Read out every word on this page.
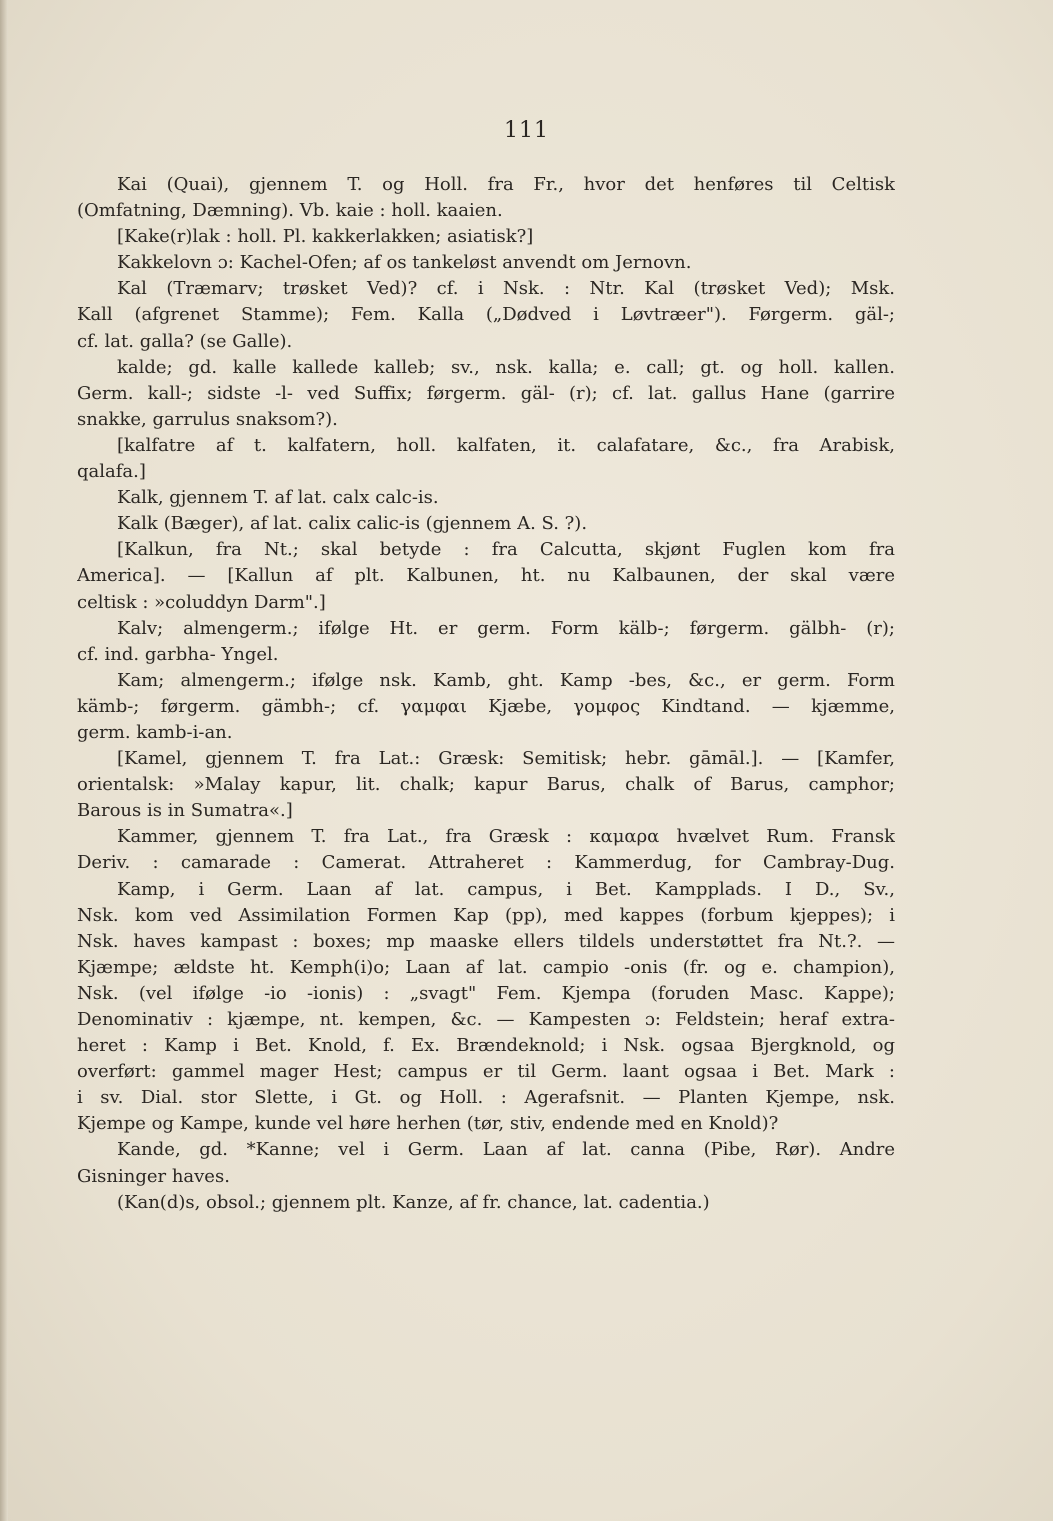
111
Kai (Quai), gjennem T. og Holl. fra Fr., hvor det henføres til Celtisk
(Omfatning, Dæmning). Vb. kaie : holl. kaaien.
[Kake(r)lak : holl. Pl. kakkerlakken; asiatisk?]
Kakkelovn ɔ: Kachel-Ofen; af os tankeløst anvendt om Jernovn.
Kal (Træmarv; trøsket Ved)? cf. i Nsk. : Ntr. Kal (trøsket Ved); Msk.
Kall (afgrenet Stamme); Fem. Kalla („Dødved i Løvtræer"). Førgerm. gäl-;
cf. lat. galla? (se Galle).
kalde; gd. kalle kallede kalleb; sv., nsk. kalla; e. call; gt. og holl. kallen.
Germ. kall-; sidste -l- ved Suffix; førgerm. gäl- (r); cf. lat. gallus Hane (garrire
snakke, garrulus snaksom?).
[kalfatre af t. kalfatern, holl. kalfaten, it. calafatare, &c., fra Arabisk,
qalafa.]
Kalk, gjennem T. af lat. calx calc-is.
Kalk (Bæger), af lat. calix calic-is (gjennem A. S. ?).
[Kalkun, fra Nt.; skal betyde : fra Calcutta, skjønt Fuglen kom fra
America]. — [Kallun af plt. Kalbunen, ht. nu Kalbaunen, der skal være
celtisk : »coluddyn Darm".]
Kalv; almengerm.; ifølge Ht. er germ. Form kälb-; førgerm. gälbh- (r);
cf. ind. garbha- Yngel.
Kam; almengerm.; ifølge nsk. Kamb, ght. Kamp -bes, &c., er germ. Form
kämb-; førgerm. gämbh-; cf. γαμφαι Kjæbe, γομφος Kindtand. — kjæmme,
germ. kamb-i-an.
[Kamel, gjennem T. fra Lat.: Græsk: Semitisk; hebr. gāmāl.]. — [Kamfer,
orientalsk: »Malay kapur, lit. chalk; kapur Barus, chalk of Barus, camphor;
Barous is in Sumatra«.]
Kammer, gjennem T. fra Lat., fra Græsk : καμαρα hvælvet Rum. Fransk
Deriv. : camarade : Camerat. Attraheret : Kammerdug, for Cambray-Dug.
Kamp, i Germ. Laan af lat. campus, i Bet. Kampplads. I D., Sv.,
Nsk. kom ved Assimilation Formen Kap (pp), med kappes (forbum kjeppes); i
Nsk. haves kampast : boxes; mp maaske ellers tildels understøttet fra Nt.?. —
Kjæmpe; ældste ht. Kemph(i)o; Laan af lat. campio -onis (fr. og e. champion),
Nsk. (vel ifølge -io -ionis) : „svagt" Fem. Kjempa (foruden Masc. Kappe);
Denominativ : kjæmpe, nt. kempen, &c. — Kampesten ɔ: Feldstein; heraf extra-
heret : Kamp i Bet. Knold, f. Ex. Brændeknold; i Nsk. ogsaa Bjergknold, og
overført: gammel mager Hest; campus er til Germ. laant ogsaa i Bet. Mark :
i sv. Dial. stor Slette, i Gt. og Holl. : Agerafsnit. — Planten Kjempe, nsk.
Kjempe og Kampe, kunde vel høre herhen (tør, stiv, endende med en Knold)?
Kande, gd. *Kanne; vel i Germ. Laan af lat. canna (Pibe, Rør). Andre
Gisninger haves.
(Kan(d)s, obsol.; gjennem plt. Kanze, af fr. chance, lat. cadentia.)
